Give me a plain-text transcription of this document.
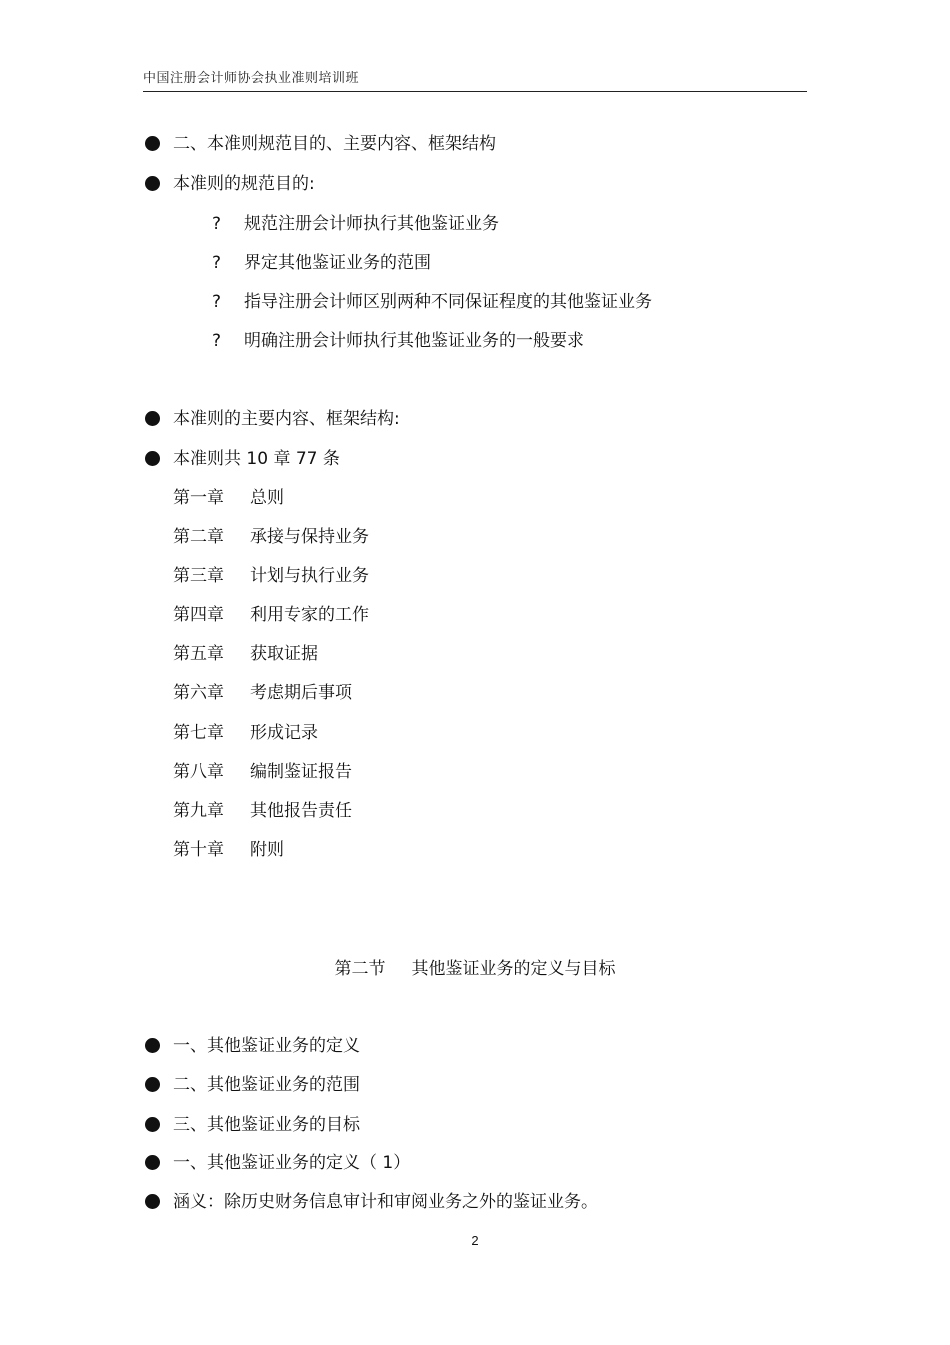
中国注册会计师协会执业准则培训班
二、本准则规范目的、主要内容、框架结构
本准则的规范目的:
? 规范注册会计师执行其他鉴证业务
? 界定其他鉴证业务的范围
? 指导注册会计师区别两种不同保证程度的其他鉴证业务
? 明确注册会计师执行其他鉴证业务的一般要求
本准则的主要内容、框架结构:
本准则共 10 章 77 条
第一章 总则
第二章 承接与保持业务
第三章 计划与执行业务
第四章 利用专家的工作
第五章 获取证据
第六章 考虑期后事项
第七章 形成记录
第八章 编制鉴证报告
第九章 其他报告责任
第十章 附则
第二节 其他鉴证业务的定义与目标
一、其他鉴证业务的定义
二、其他鉴证业务的范围
三、其他鉴证业务的目标
一、其他鉴证业务的定义（ 1）
涵义：除历史财务信息审计和审阅业务之外的鉴证业务。
2
